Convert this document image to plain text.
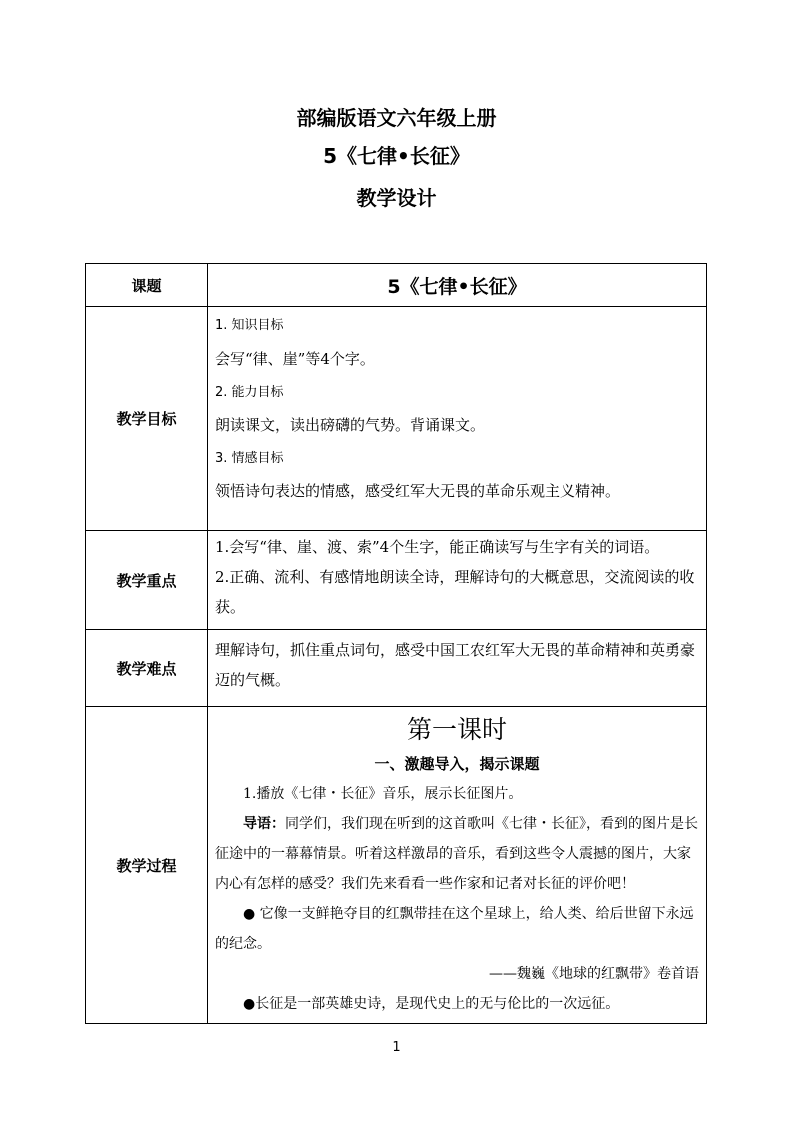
部编版语文六年级上册
5《七律•长征》
教学设计
课题	5《七律•长征》
教学目标

1. 知识目标

会写“律、崖”等4个字。

2. 能力目标

朗读课文，读出磅礴的气势。背诵课文。

3. 情感目标

领悟诗句表达的情感，感受红军大无畏的革命乐观主义精神。

教学重点

1.会写“律、崖、渡、索”4个生字，能正确读写与生字有关的词语。

2.正确、流利、有感情地朗读全诗，理解诗句的大概意思，交流阅读的收获。

教学难点

理解诗句，抓住重点词句，感受中国工农红军大无畏的革命精神和英勇豪迈的气概。

教学过程
第一课时
一、激趣导入，揭示课题

1.播放《七律・长征》音乐，展示长征图片。

导语：同学们，我们现在听到的这首歌叫《七律・长征》，看到的图片是长征途中的一幕幕情景。听着这样激昂的音乐，看到这些令人震撼的图片，大家内心有怎样的感受？我们先来看看一些作家和记者对长征的评价吧！

● 它像一支鲜艳夺目的红飘带挂在这个星球上，给人类、给后世留下永远的纪念。

——魏巍《地球的红飘带》卷首语

●长征是一部英雄史诗，是现代史上的无与伦比的一次远征。

1
